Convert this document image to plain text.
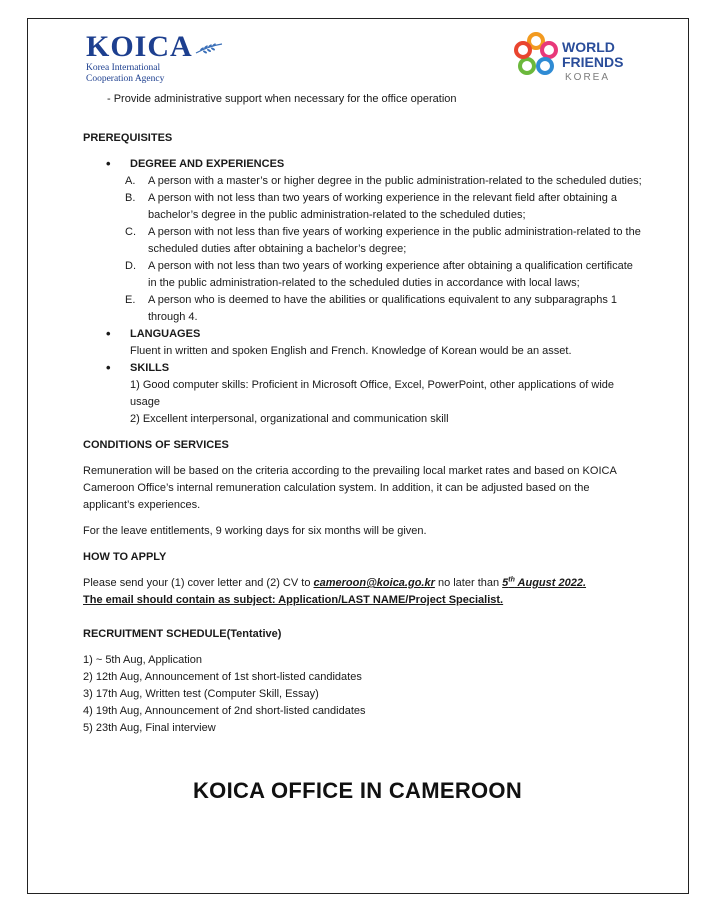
KOICA
Korea International
Cooperation Agency
WORLD
FRIENDS
KOREA

- Provide administrative support when necessary for the office operation

PREREQUISITES

• DEGREE AND EXPERIENCES
A. A person with a master’s or higher degree in the public administration-related to the scheduled duties;
B. A person with not less than two years of working experience in the relevant field after obtaining a bachelor’s degree in the public administration-related to the scheduled duties;
C. A person with not less than five years of working experience in the public administration-related to the scheduled duties after obtaining a bachelor’s degree;
D. A person with not less than two years of working experience after obtaining a qualification certificate in the public administration-related to the scheduled duties in accordance with local laws;
E. A person who is deemed to have the abilities or qualifications equivalent to any subparagraphs 1 through 4.
• LANGUAGES

Fluent in written and spoken English and French. Knowledge of Korean would be an asset.

• SKILLS

1) Good computer skills: Proficient in Microsoft Office, Excel, PowerPoint, other applications of wide usage

2) Excellent interpersonal, organizational and communication skill

CONDITIONS OF SERVICES

Remuneration will be based on the criteria according to the prevailing local market rates and based on KOICA Cameroon Office’s internal remuneration calculation system. In addition, it can be adjusted based on the applicant’s experiences.

For the leave entitlements, 9 working days for six months will be given.

HOW TO APPLY

Please send your (1) cover letter and (2) CV to cameroon@koica.go.kr no later than 5th August 2022.

The email should contain as subject: Application/LAST NAME/Project Specialist.

RECRUITMENT SCHEDULE(Tentative)

1) ~ 5th Aug, Application

2) 12th Aug, Announcement of 1st short-listed candidates

3) 17th Aug, Written test (Computer Skill, Essay)

4) 19th Aug, Announcement of 2nd short-listed candidates

5) 23th Aug, Final interview

KOICA OFFICE IN CAMEROON
